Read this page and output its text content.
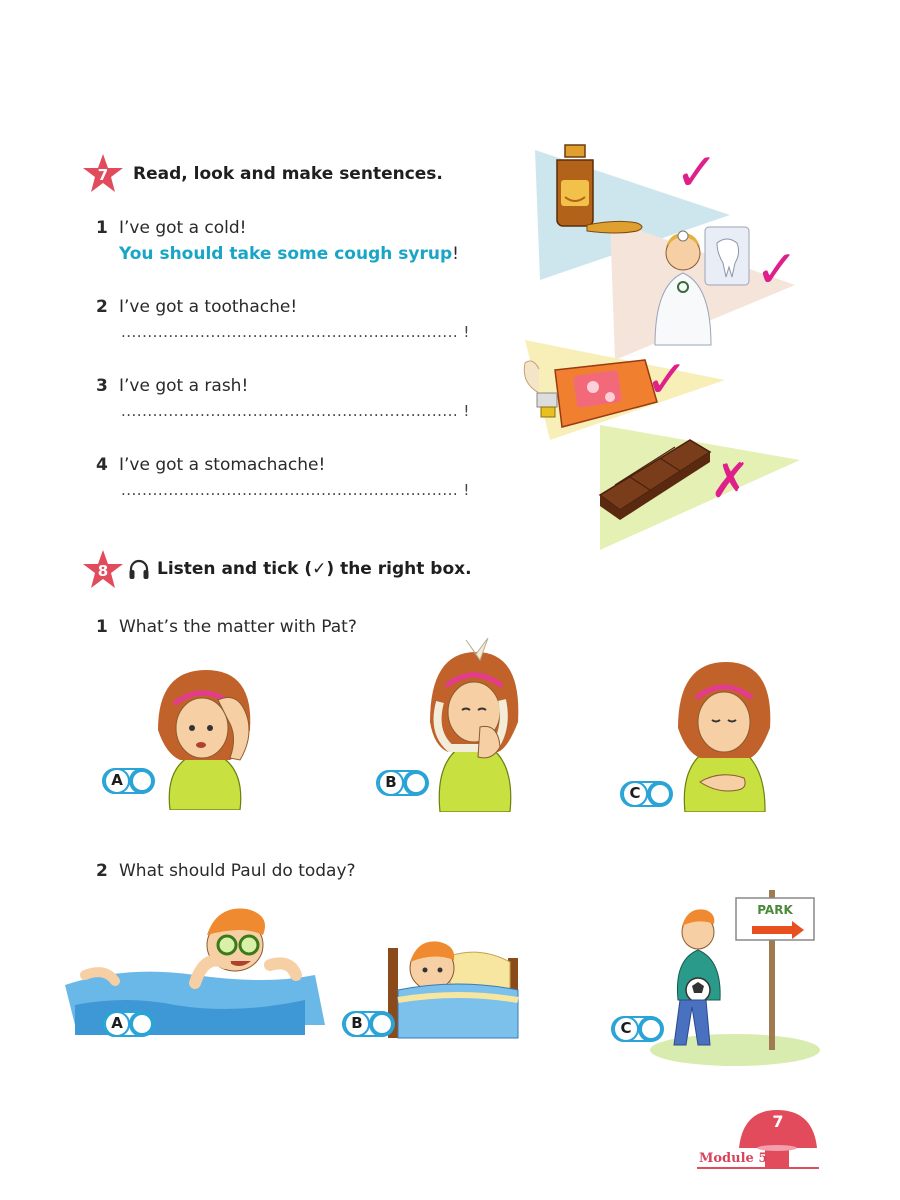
7 Read, look and make sentences.
1 I’ve got a cold!
You should take some cough syrup!
2 I’ve got a toothache!
................................................................ !
3 I’ve got a rash!
................................................................ !
4 I’ve got a stomachache!
................................................................ !
✓
✓
✓
✗
8	Listen and tick (✓) the right box.
1 What’s the matter with Pat?
A	B
C
2 What should Paul do today?
PARK
A	B	C
7
Module 5
